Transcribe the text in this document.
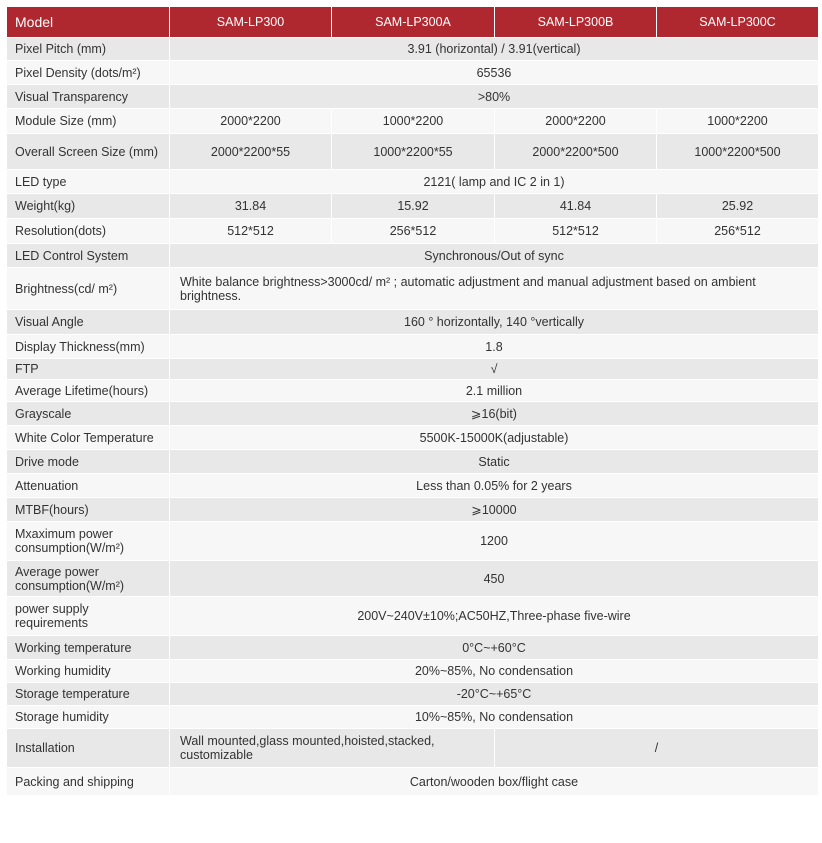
Model	SAM-LP300	SAM-LP300A	SAM-LP300B	SAM-LP300C
Pixel Pitch (mm)	3.91 (horizontal) / 3.91(vertical)			
Pixel Density (dots/m²)	65536			
Visual Transparency	>80%			
Module Size (mm)	2000*2200	1000*2200	2000*2200	1000*2200
Overall Screen Size (mm)	2000*2200*55	1000*2200*55	2000*2200*500	1000*2200*500
LED type	2121( lamp and IC 2 in 1)			
Weight(kg)	31.84	15.92	41.84	25.92
Resolution(dots)	512*512	256*512	512*512	256*512
LED Control System	Synchronous/Out of sync			
Brightness(cd/ m²)	White balance brightness>3000cd/ m² ; automatic adjustment and manual adjustment based on ambient brightness.			
Visual Angle	160 ° horizontally, 140 °vertically			
Display Thickness(mm)	1.8			
FTP	√			
Average Lifetime(hours)	2.1 million			
Grayscale	⩾16(bit)			
White Color Temperature	5500K-15000K(adjustable)			
Drive mode	Static			
Attenuation	Less than 0.05% for 2 years			
MTBF(hours)	⩾10000			
Mxaximum power consumption(W/m²)	1200			
Average power consumption(W/m²)	450			
power supply requirements	200V~240V±10%;AC50HZ,Three-phase five-wire			
Working temperature	0°C~+60°C			
Working humidity	20%~85%, No condensation			
Storage temperature	-20°C~+65°C			
Storage humidity	10%~85%, No condensation			
Installation	Wall mounted,glass mounted,hoisted,stacked, customizable		/	
Packing and shipping	Carton/wooden box/flight case			
